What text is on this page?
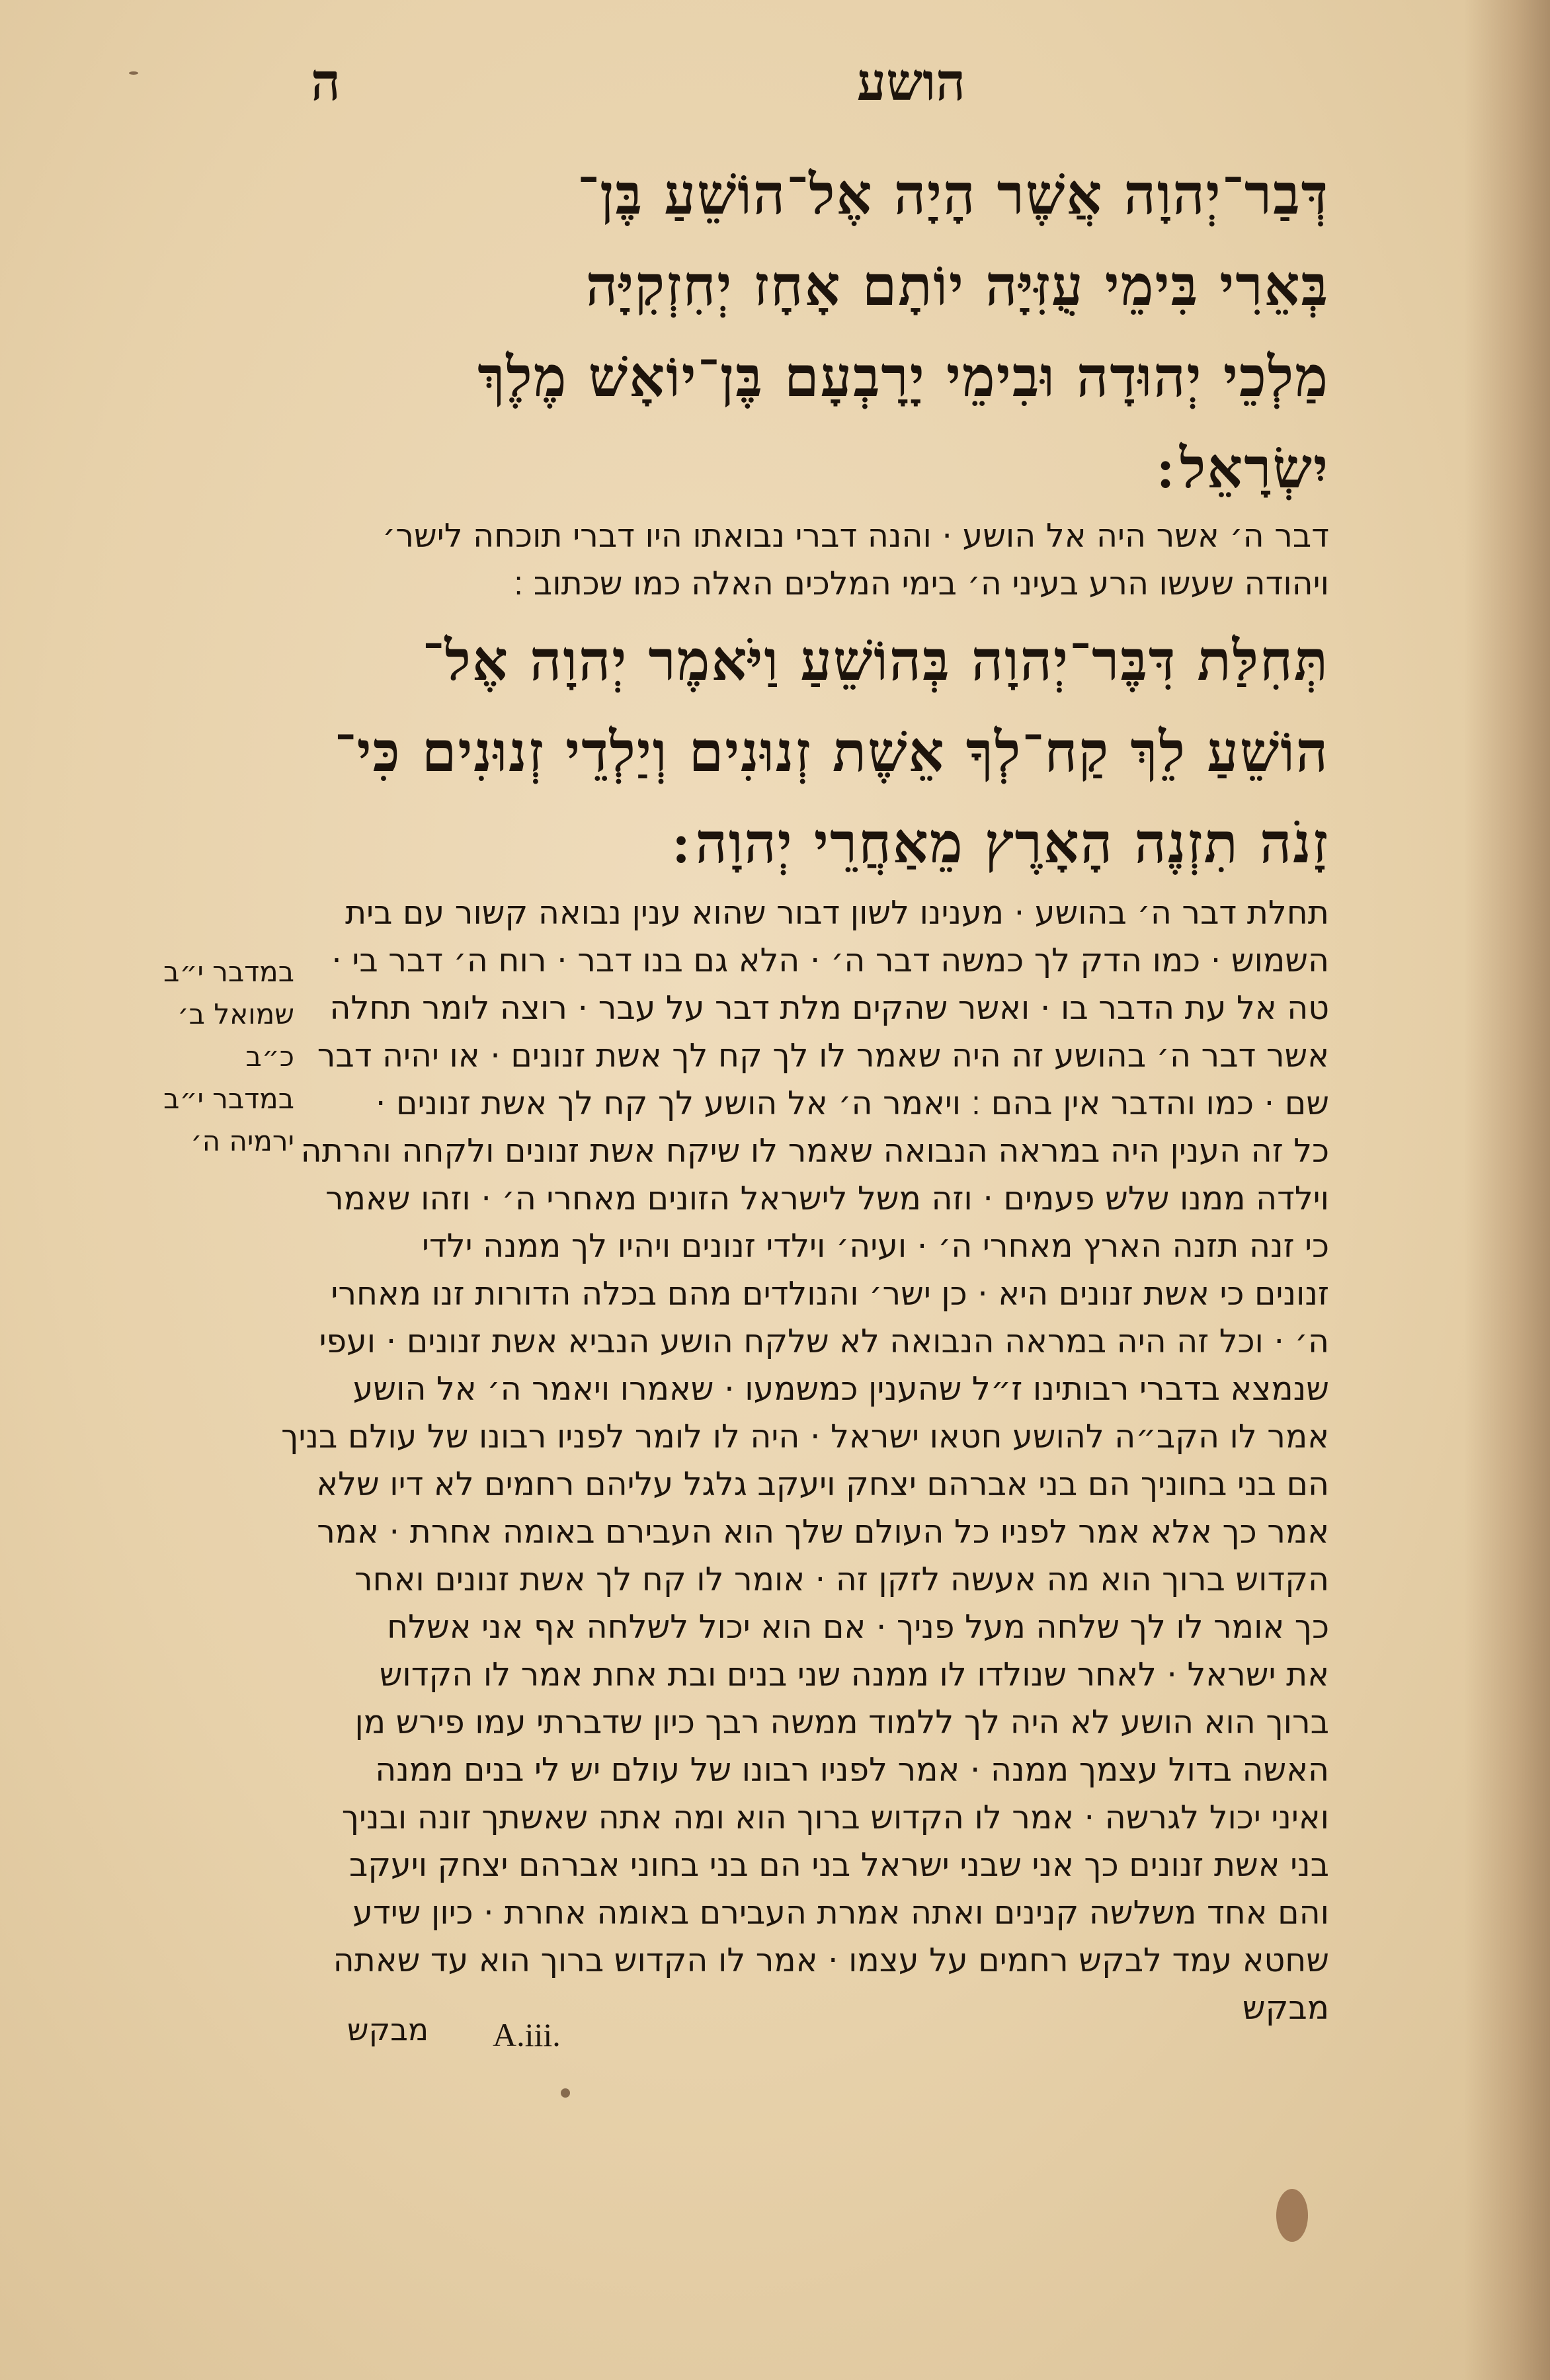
הושע
ה
דְּבַר־יְהוָה אֲשֶׁר הָיָה אֶל־הוֹשֵׁעַ בֶּן־
בְּאֵרִי בִּימֵי עֻזִּיָּה יוֹתָם אָחָז יְחִזְקִיָּה
מַלְכֵי יְהוּדָה וּבִימֵי יָרָבְעָם בֶּן־יוֹאָשׁ מֶלֶךְ
יִשְׂרָאֵל ׃
דבר ה׳ אשר היה אל הושע · והנה דברי נבואתו היו דברי תוכחה לישר׳
ויהודה שעשו הרע בעיני ה׳ בימי המלכים האלה כמו שכתוב ׃
תְּחִלַּת דִּבֶּר־יְהוָה בְּהוֹשֵׁעַ וַיֹּאמֶר יְהוָה אֶל־
הוֹשֵׁעַ לֵךְ קַח־לְךָ אֵשֶׁת זְנוּנִים וְיַלְדֵי זְנוּנִים כִּי־
זָנֹה תִזְנֶה הָאָרֶץ מֵאַחֲרֵי יְהוָה ׃
תחלת דבר ה׳ בהושע · מענינו לשון דבור שהוא ענין נבואה קשור עם בית
השמוש · כמו הדק לך כמשה דבר ה׳ · הלא גם בנו דבר · רוח ה׳ דבר בי ·
טה אל עת הדבר בו · ואשר שהקים מלת דבר על עבר · רוצה לומר תחלה
אשר דבר ה׳ בהושע זה היה שאמר לו לך קח לך אשת זנונים · או יהיה דבר
שם · כמו והדבר אין בהם ׃ ויאמר ה׳ אל הושע לך קח לך אשת זנונים ·
כל זה הענין היה במראה הנבואה שאמר לו שיקח אשת זנונים ולקחה והרתה
וילדה ממנו שלש פעמים · וזה משל לישראל הזונים מאחרי ה׳ · וזהו שאמר
כי זנה תזנה הארץ מאחרי ה׳ · ועיה׳ וילדי זנונים ויהיו לך ממנה ילדי
זנונים כי אשת זנונים היא · כן ישר׳ והנולדים מהם בכלה הדורות זנו מאחרי
ה׳ · וכל זה היה במראה הנבואה לא שלקח הושע הנביא אשת זנונים · ועפי
שנמצא בדברי רבותינו ז״ל שהענין כמשמעו · שאמרו ויאמר ה׳ אל הושע
אמר לו הקב״ה להושע חטאו ישראל · היה לו לומר לפניו רבונו של עולם בניך
הם בני בחוניך הם בני אברהם יצחק ויעקב גלגל עליהם רחמים לא דיו שלא
אמר כך אלא אמר לפניו כל העולם שלך הוא העבירם באומה אחרת · אמר
הקדוש ברוך הוא מה אעשה לזקן זה · אומר לו קח לך אשת זנונים ואחר
כך אומר לו לך שלחה מעל פניך · אם הוא יכול לשלחה אף אני אשלח
את ישראל · לאחר שנולדו לו ממנה שני בנים ובת אחת אמר לו הקדוש
ברוך הוא הושע לא היה לך ללמוד ממשה רבך כיון שדברתי עמו פירש מן
האשה בדול עצמך ממנה · אמר לפניו רבונו של עולם יש לי בנים ממנה
ואיני יכול לגרשה · אמר לו הקדוש ברוך הוא ומה אתה שאשתך זונה ובניך
בני אשת זנונים כך אני שבני ישראל בני הם בני בחוני אברהם יצחק ויעקב
והם אחד משלשה קנינים ואתה אמרת העבירם באומה אחרת · כיון שידע
שחטא עמד לבקש רחמים על עצמו · אמר לו הקדוש ברוך הוא עד שאתה
מבקש
במדבר י״ב
שמואל ב׳ כ״ב
במדבר י״ב
ירמיה ה׳
A.iii.
מבקש
